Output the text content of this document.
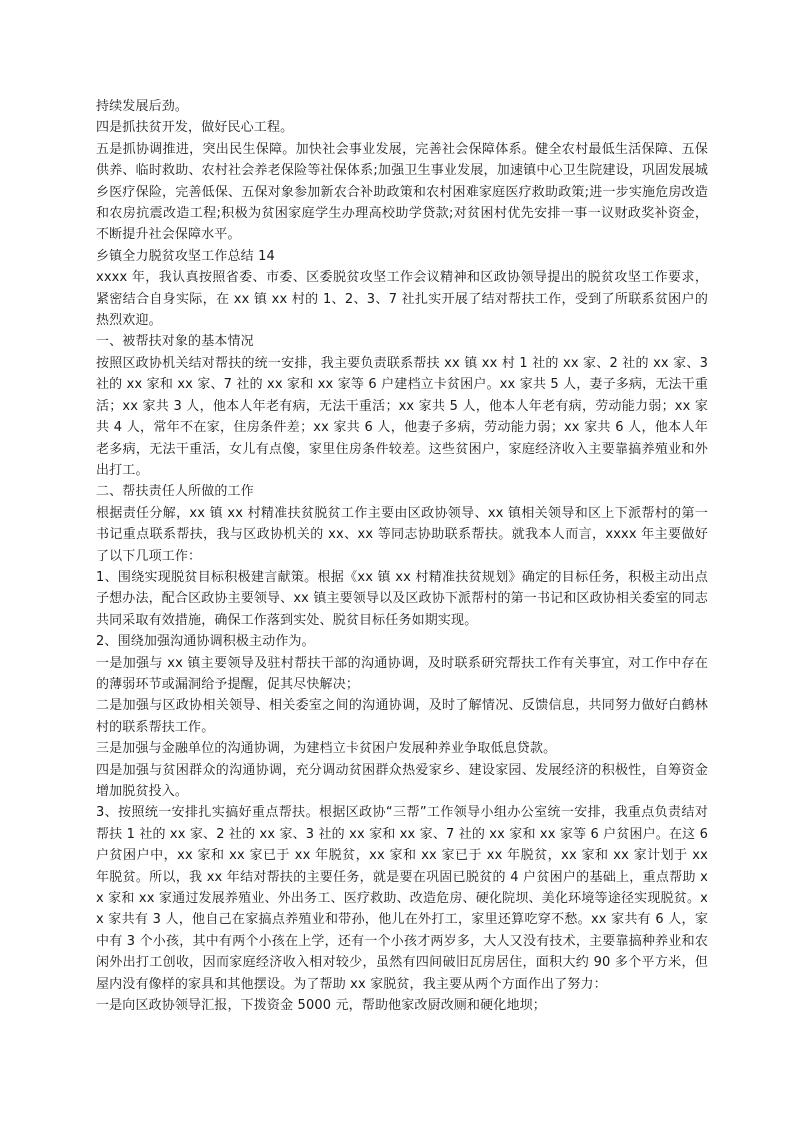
持续发展后劲。

四是抓扶贫开发，做好民心工程。

五是抓协调推进，突出民生保障。加快社会事业发展，完善社会保障体系。健全农村最低生活保障、五保供养、临时救助、农村社会养老保险等社保体系;加强卫生事业发展，加速镇中心卫生院建设，巩固发展城乡医疗保险，完善低保、五保对象参加新农合补助政策和农村困难家庭医疗救助政策;进一步实施危房改造和农房抗震改造工程;积极为贫困家庭学生办理高校助学贷款;对贫困村优先安排一事一议财政奖补资金，不断提升社会保障水平。

乡镇全力脱贫攻坚工作总结 14

xxxx 年，我认真按照省委、市委、区委脱贫攻坚工作会议精神和区政协领导提出的脱贫攻坚工作要求，紧密结合自身实际，在 xx 镇 xx 村的 1、2、3、7 社扎实开展了结对帮扶工作，受到了所联系贫困户的热烈欢迎。

一、被帮扶对象的基本情况

按照区政协机关结对帮扶的统一安排，我主要负责联系帮扶 xx 镇 xx 村 1 社的 xx 家、2 社的 xx 家、3 社的 xx 家和 xx 家、7 社的 xx 家和 xx 家等 6 户建档立卡贫困户。xx 家共 5 人，妻子多病，无法干重活；xx 家共 3 人，他本人年老有病，无法干重活；xx 家共 5 人，他本人年老有病，劳动能力弱；xx 家共 4 人，常年不在家，住房条件差；xx 家共 6 人，他妻子多病，劳动能力弱；xx 家共 6 人，他本人年老多病，无法干重活，女儿有点傻，家里住房条件较差。这些贫困户，家庭经济收入主要靠搞养殖业和外出打工。

二、帮扶责任人所做的工作

根据责任分解，xx 镇 xx 村精准扶贫脱贫工作主要由区政协领导、xx 镇相关领导和区上下派帮村的第一书记重点联系帮扶，我与区政协机关的 xx、xx 等同志协助联系帮扶。就我本人而言，xxxx 年主要做好了以下几项工作：

1、围绕实现脱贫目标积极建言献策。根据《xx 镇 xx 村精准扶贫规划》确定的目标任务，积极主动出点子想办法，配合区政协主要领导、xx 镇主要领导以及区政协下派帮村的第一书记和区政协相关委室的同志共同采取有效措施，确保工作落到实处、脱贫目标任务如期实现。

2、围绕加强沟通协调积极主动作为。

一是加强与 xx 镇主要领导及驻村帮扶干部的沟通协调，及时联系研究帮扶工作有关事宜，对工作中存在的薄弱环节或漏洞给予提醒，促其尽快解决；

二是加强与区政协相关领导、相关委室之间的沟通协调，及时了解情况、反馈信息，共同努力做好白鹤林村的联系帮扶工作。

三是加强与金融单位的沟通协调，为建档立卡贫困户发展种养业争取低息贷款。

四是加强与贫困群众的沟通协调，充分调动贫困群众热爱家乡、建设家园、发展经济的积极性，自筹资金增加脱贫投入。

3、按照统一安排扎实搞好重点帮扶。根据区政协“三帮”工作领导小组办公室统一安排，我重点负责结对帮扶 1 社的 xx 家、2 社的 xx 家、3 社的 xx 家和 xx 家、7 社的 xx 家和 xx 家等 6 户贫困户。在这 6 户贫困户中，xx 家和 xx 家已于 xx 年脱贫，xx 家和 xx 家已于 xx 年脱贫，xx 家和 xx 家计划于 xx 年脱贫。所以，我 xx 年结对帮扶的主要任务，就是要在巩固已脱贫的 4 户贫困户的基础上，重点帮助 xx 家和 xx 家通过发展养殖业、外出务工、医疗救助、改造危房、硬化院坝、美化环境等途径实现脱贫。xx 家共有 3 人，他自己在家搞点养殖业和带孙，他儿在外打工，家里还算吃穿不愁。xx 家共有 6 人，家中有 3 个小孩，其中有两个小孩在上学，还有一个小孩才两岁多，大人又没有技术，主要靠搞种养业和农闲外出打工创收，因而家庭经济收入相对较少，虽然有四间破旧瓦房居住，面积大约 90 多个平方米，但屋内没有像样的家具和其他摆设。为了帮助 xx 家脱贫，我主要从两个方面作出了努力：

一是向区政协领导汇报，下拨资金 5000 元，帮助他家改厨改厕和硬化地坝；
